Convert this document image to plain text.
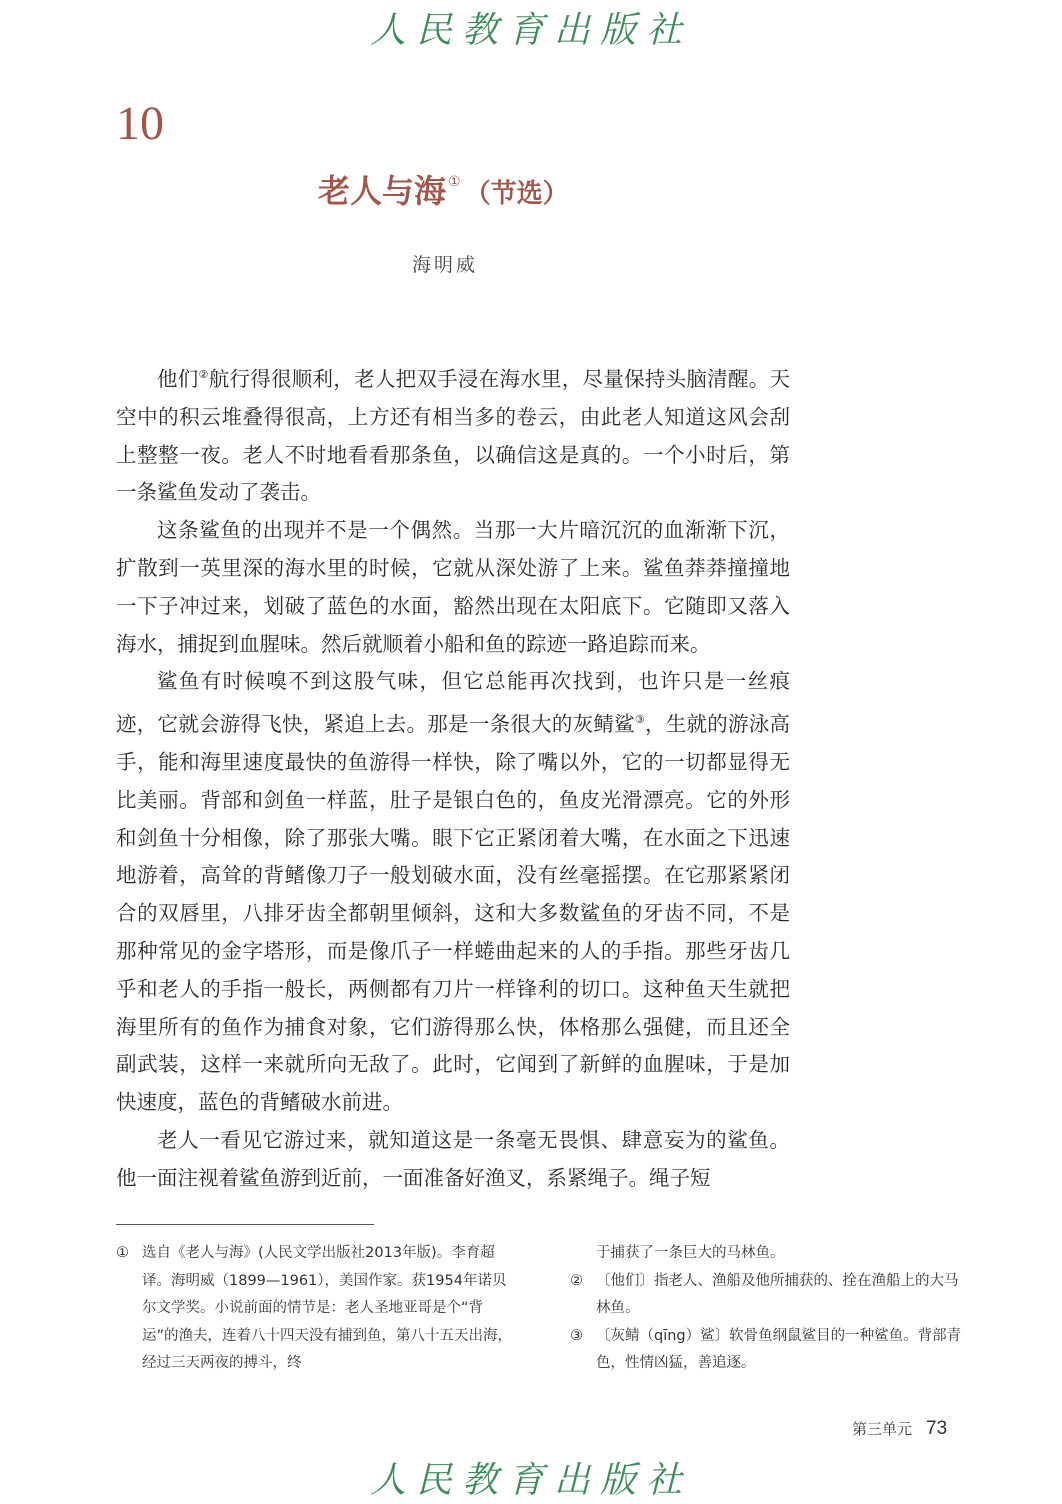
人民教育出版社
10
老人与海 ① （节选）
海明威

他们②航行得很顺利，老人把双手浸在海水里，尽量保持头脑清醒。天空中的积云堆叠得很高，上方还有相当多的卷云，由此老人知道这风会刮上整整一夜。老人不时地看看那条鱼，以确信这是真的。一个小时后，第一条鲨鱼发动了袭击。

这条鲨鱼的出现并不是一个偶然。当那一大片暗沉沉的血渐渐下沉，扩散到一英里深的海水里的时候，它就从深处游了上来。鲨鱼莽莽撞撞地一下子冲过来，划破了蓝色的水面，豁然出现在太阳底下。它随即又落入海水，捕捉到血腥味。然后就顺着小船和鱼的踪迹一路追踪而来。

鲨鱼有时候嗅不到这股气味，但它总能再次找到，也许只是一丝痕迹，它就会游得飞快，紧追上去。那是一条很大的灰鲭鲨③，生就的游泳高手，能和海里速度最快的鱼游得一样快，除了嘴以外，它的一切都显得无比美丽。背部和剑鱼一样蓝，肚子是银白色的，鱼皮光滑漂亮。它的外形和剑鱼十分相像，除了那张大嘴。眼下它正紧闭着大嘴，在水面之下迅速地游着，高耸的背鳍像刀子一般划破水面，没有丝毫摇摆。在它那紧紧闭合的双唇里，八排牙齿全都朝里倾斜，这和大多数鲨鱼的牙齿不同，不是那种常见的金字塔形，而是像爪子一样蜷曲起来的人的手指。那些牙齿几乎和老人的手指一般长，两侧都有刀片一样锋利的切口。这种鱼天生就把海里所有的鱼作为捕食对象，它们游得那么快，体格那么强健，而且还全副武装，这样一来就所向无敌了。此时，它闻到了新鲜的血腥味，于是加快速度，蓝色的背鳍破水前进。

老人一看见它游过来，就知道这是一条毫无畏惧、肆意妄为的鲨鱼。他一面注视着鲨鱼游到近前，一面准备好渔叉，系紧绳子。绳子短

① 选自《老人与海》(人民文学出版社2013年版)。李育超译。海明威（1899—1961），美国作家。获1954年诺贝尔文学奖。小说前面的情节是：老人圣地亚哥是个“背运”的渔夫，连着八十四天没有捕到鱼，第八十五天出海，经过三天两夜的搏斗，终
于捕获了一条巨大的马林鱼。
② 〔他们〕指老人、渔船及他所捕获的、拴在渔船上的大马林鱼。
③ 〔灰鲭（qīng）鲨〕软骨鱼纲鼠鲨目的一种鲨鱼。背部青色，性情凶猛，善追逐。
第三单元 73
人民教育出版社
